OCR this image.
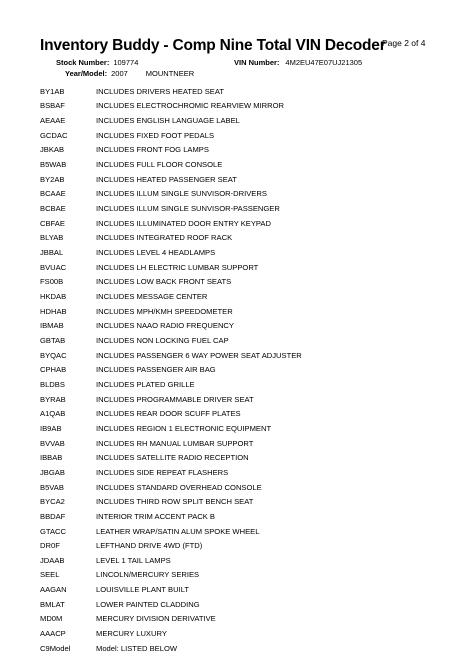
Inventory Buddy - Comp Nine Total VIN Decoder
Page 2 of 4
Stock Number: 109774	VIN Number: 4M2EU47E07UJ21305
Year/Model: 2007 MOUNTNEER
BY1AB	INCLUDES DRIVERS HEATED SEAT
BSBAF	INCLUDES ELECTROCHROMIC REARVIEW MIRROR
AEAAE	INCLUDES ENGLISH LANGUAGE LABEL
GCDAC	INCLUDES FIXED FOOT PEDALS
JBKAB	INCLUDES FRONT FOG LAMPS
B5WAB	INCLUDES FULL FLOOR CONSOLE
BY2AB	INCLUDES HEATED PASSENGER SEAT
BCAAE	INCLUDES ILLUM SINGLE SUNVISOR-DRIVERS
BCBAE	INCLUDES ILLUM SINGLE SUNVISOR-PASSENGER
CBFAE	INCLUDES ILLUMINATED DOOR ENTRY KEYPAD
BLYAB	INCLUDES INTEGRATED ROOF RACK
JBBAL	INCLUDES LEVEL 4 HEADLAMPS
BVUAC	INCLUDES LH ELECTRIC LUMBAR SUPPORT
FS00B	INCLUDES LOW BACK FRONT SEATS
HKDAB	INCLUDES MESSAGE CENTER
HDHAB	INCLUDES MPH/KMH SPEEDOMETER
IBMAB	INCLUDES NAAO RADIO FREQUENCY
GBTAB	INCLUDES NON LOCKING FUEL CAP
BYQAC	INCLUDES PASSENGER 6 WAY POWER SEAT ADJUSTER
CPHAB	INCLUDES PASSENGER AIR BAG
BLDBS	INCLUDES PLATED GRILLE
BYRAB	INCLUDES PROGRAMMABLE DRIVER SEAT
A1QAB	INCLUDES REAR DOOR SCUFF PLATES
IB9AB	INCLUDES REGION 1 ELECTRONIC EQUIPMENT
BVVAB	INCLUDES RH MANUAL LUMBAR SUPPORT
IBBAB	INCLUDES SATELLITE RADIO RECEPTION
JBGAB	INCLUDES SIDE REPEAT FLASHERS
B5VAB	INCLUDES STANDARD OVERHEAD CONSOLE
BYCA2	INCLUDES THIRD ROW SPLIT BENCH SEAT
BBDAF	INTERIOR TRIM ACCENT PACK B
GTACC	LEATHER WRAP/SATIN ALUM SPOKE WHEEL
DR0F	LEFTHAND DRIVE 4WD (FTD)
JDAAB	LEVEL 1 TAIL LAMPS
SEEL	LINCOLN/MERCURY SERIES
AAGAN	LOUISVILLE PLANT BUILT
BMLAT	LOWER PAINTED CLADDING
MD0M	MERCURY DIVISION DERIVATIVE
AAACP	MERCURY LUXURY
C9Model	Model: LISTED BELOW
